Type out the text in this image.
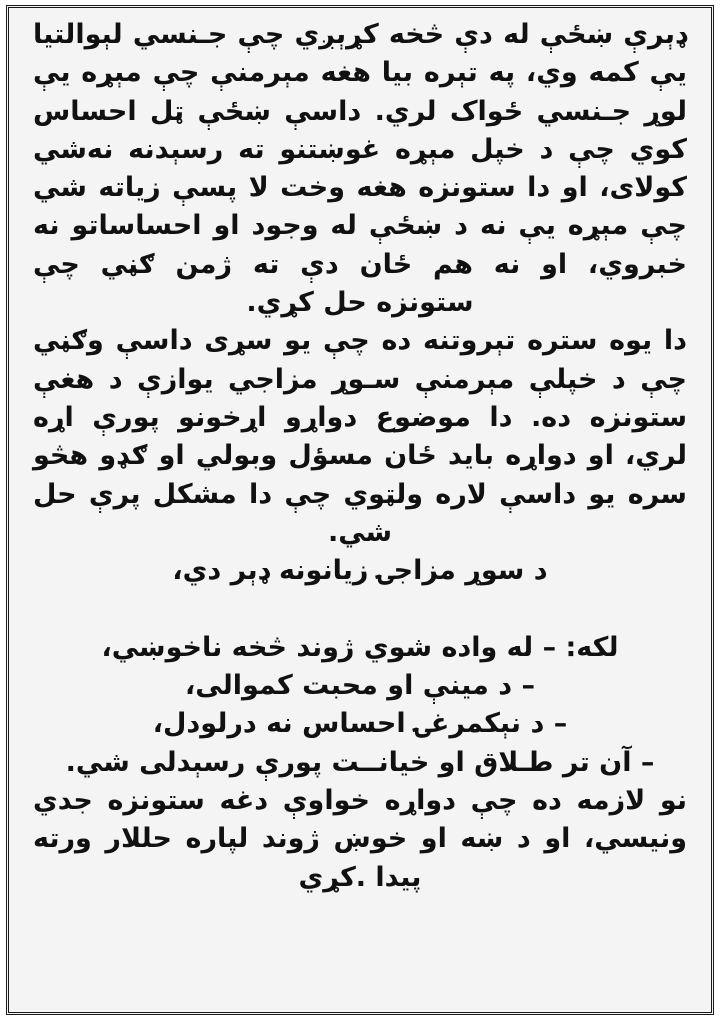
ډېرې ښځې له دې څخه کړېږي چې جـنسي لېوالتيا يې کمه وي، په تېره بيا هغه مېرمنې چې مېړه يې لوړ جـنسي ځواک لري. داسې ښځې ټل احساس کوي چې د خپل مېړه غوښتنو ته رسېدنه نه‌شي کولای، او دا ستونزه هغه وخت لا پسې زياته شي چې مېړه يې نه د ښځې له وجود او احساساتو نه خبروي، او نه هم ځان دې ته ژمن ګڼي چې ستونزه حل کړي.

دا يوه ستره تېروتنه ده چې يو سړی داسې وګڼي چې د خپلې مېرمنې سـوړ مزاجي يوازې د هغې ستونزه ده. دا موضوع دواړو اړخونو پورې اړه لري، او دواړه بايد ځان مسؤل وبولي او ګډو هڅو سره يو داسې لاره ولټوي چې دا مشکل پرې حل شي.

د سوړ مزاجۍ زيانونه ډېر دي،

لکه: – له واده شوي ژوند څخه ناخوښي،

– د مينې او محبت کموالی،

– د نېکمرغۍ احساس نه درلودل،

– آن تر طـلاق او خيانــت پورې رسېدلی شي.

نو لازمه ده چې دواړه خواوې دغه ستونزه جدي ونيسي، او د ښه او خوښ ژوند لپاره حللار ورته پيدا .کړي
